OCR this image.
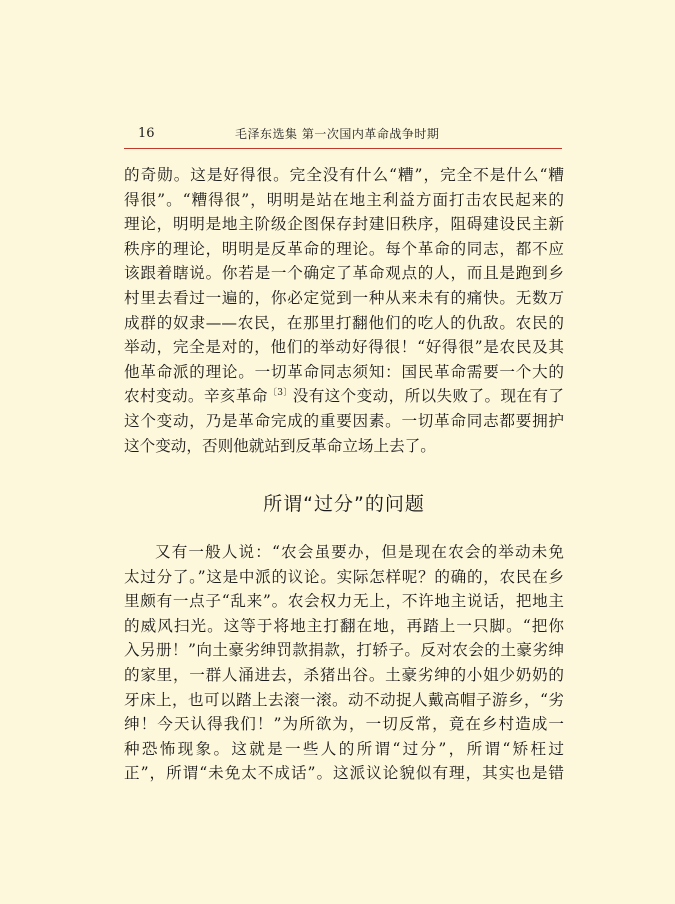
16	毛泽东选集 第一次国内革命战争时期
的奇勋。这是好得很。完全没有什么“糟”，完全不是什么“糟
得很”。“糟得很”，明明是站在地主利益方面打击农民起来的
理论，明明是地主阶级企图保存封建旧秩序，阻碍建设民主新
秩序的理论，明明是反革命的理论。每个革命的同志，都不应
该跟着瞎说。你若是一个确定了革命观点的人，而且是跑到乡
村里去看过一遍的，你必定觉到一种从来未有的痛快。无数万
成群的奴隶——农民，在那里打翻他们的吃人的仇敌。农民的
举动，完全是对的，他们的举动好得很！“好得很”是农民及其
他革命派的理论。一切革命同志须知：国民革命需要一个大的
农村变动。辛亥革命$^{〔3〕}$没有这个变动，所以失败了。现在有了
这个变动，乃是革命完成的重要因素。一切革命同志都要拥护
这个变动，否则他就站到反革命立场上去了。
所谓“过分”的问题
又有一般人说：“农会虽要办，但是现在农会的举动未免
太过分了。”这是中派的议论。实际怎样呢？的确的，农民在乡
里颇有一点子“乱来”。农会权力无上，不许地主说话，把地主
的威风扫光。这等于将地主打翻在地，再踏上一只脚。“把你
入另册！”向土豪劣绅罚款捐款，打轿子。反对农会的土豪劣绅
的家里，一群人涌进去，杀猪出谷。土豪劣绅的小姐少奶奶的
牙床上，也可以踏上去滚一滚。动不动捉人戴高帽子游乡，“劣
绅！今天认得我们！”为所欲为，一切反常，竟在乡村造成一
种恐怖现象。这就是一些人的所谓“过分”，所谓“矫枉过
正”，所谓“未免太不成话”。这派议论貌似有理，其实也是错
